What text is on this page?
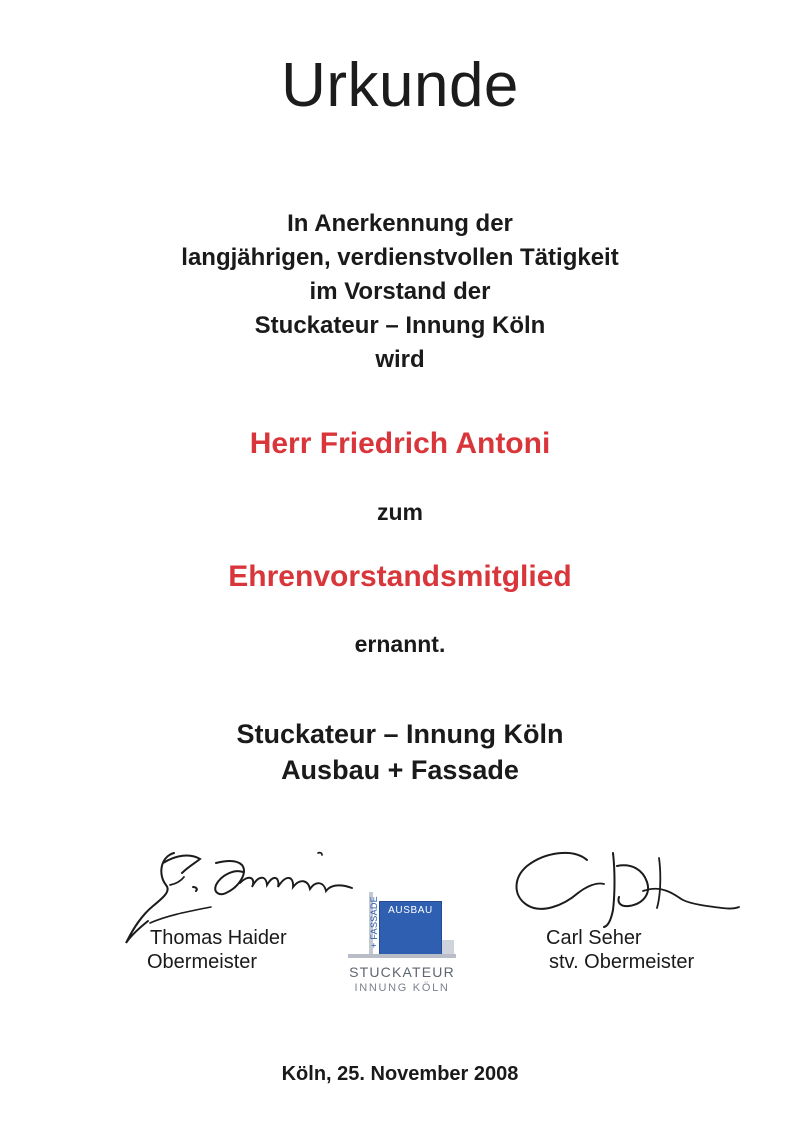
Urkunde
In Anerkennung der
langjährigen, verdienstvollen Tätigkeit
im Vorstand der
Stuckateur – Innung Köln
wird
Herr Friedrich Antoni
zum
Ehrenvorstandsmitglied
ernannt.
Stuckateur – Innung Köln
Ausbau + Fassade
Thomas Haider
Obermeister
AUSBAU
+ FASSADE
STUCKATEUR
INNUNG KÖLN
Carl Seher
stv. Obermeister
Köln, 25. November 2008
